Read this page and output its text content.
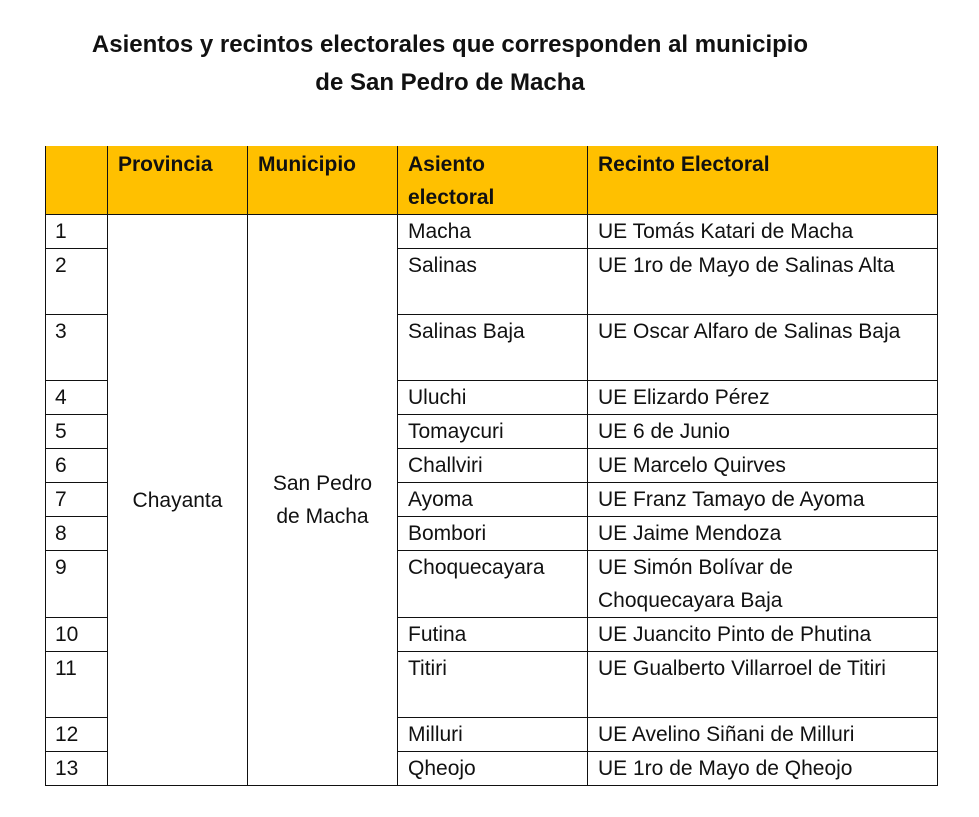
Asientos y recintos electorales que corresponden al municipio
de San Pedro de Macha
	Provincia	Municipio	Asiento electoral	Recinto Electoral
1	Chayanta	San Pedro de Macha	Macha	UE Tomás Katari de Macha
2			Salinas	UE 1ro de Mayo de Salinas Alta
3			Salinas Baja	UE Oscar Alfaro de Salinas Baja
4			Uluchi	UE Elizardo Pérez
5			Tomaycuri	UE 6 de Junio
6			Challviri	UE Marcelo Quirves
7			Ayoma	UE Franz Tamayo de Ayoma
8			Bombori	UE Jaime Mendoza
9			Choquecayara	UE Simón Bolívar de Choquecayara Baja
10			Futina	UE Juancito Pinto de Phutina
11			Titiri	UE Gualberto Villarroel de Titiri
12			Milluri	UE Avelino Siñani de Milluri
13			Qheojo	UE 1ro de Mayo de Qheojo
